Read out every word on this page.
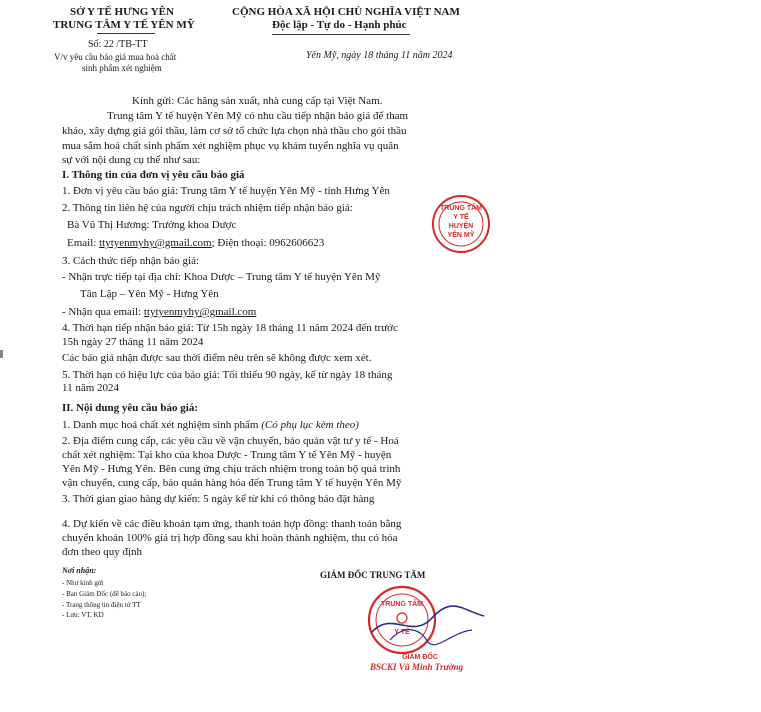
SỞ Y TẾ HƯNG YÊN
TRUNG TÂM Y TẾ YÊN MỸ
Số: 22 /TB-TT
V/v yêu cầu báo giá mua hoá chất
sinh phẩm xét nghiệm
CỘNG HÒA XÃ HỘI CHỦ NGHĨA VIỆT NAM
Độc lập - Tự do - Hạnh phúc
Yên Mỹ, ngày 18 tháng 11 năm 2024
Kính gửi: Các hãng sản xuất, nhà cung cấp tại Việt Nam.
Trung tâm Y tế huyện Yên Mỹ có nhu cầu tiếp nhận báo giá để tham
khảo, xây dựng giá gói thầu, làm cơ sở tổ chức lựa chọn nhà thầu cho gói thầu
mua sắm hoá chất sinh phẩm xét nghiệm phục vụ khám tuyển nghĩa vụ quân
sự với nội dung cụ thể như sau:
I. Thông tin của đơn vị yêu cầu báo giá
1. Đơn vị yêu cầu báo giá: Trung tâm Y tế huyện Yên Mỹ - tỉnh Hưng Yên
2. Thông tin liên hệ của người chịu trách nhiệm tiếp nhận báo giá:
Bà Vũ Thị Hương: Trưởng khoa Dược
Email: ttytyenmyhy@gmail.com; Điện thoại: 0962606623
3. Cách thức tiếp nhận báo giá:
- Nhận trực tiếp tại địa chỉ: Khoa Dược – Trung tâm Y tế huyện Yên Mỹ
Tân Lập – Yên Mỹ - Hưng Yên
- Nhận qua email: ttytyenmyhy@gmail.com
4. Thời hạn tiếp nhận báo giá: Từ 15h ngày 18 tháng 11 năm 2024 đến trước
15h ngày 27 tháng 11 năm 2024
Các báo giá nhận được sau thời điểm nêu trên sẽ không được xem xét.
5. Thời hạn có hiệu lực của báo giá: Tối thiểu 90 ngày, kể từ ngày 18 tháng
11 năm 2024
II. Nội dung yêu cầu báo giá:
1. Danh mục hoá chất xét nghiệm sinh phẩm (Có phụ lục kèm theo)
2. Địa điểm cung cấp, các yêu cầu về vận chuyển, bảo quản vật tư y tế - Hoá
chất xét nghiệm: Tại kho của khoa Dược - Trung tâm Y tế Yên Mỹ - huyện
Yên Mỹ - Hưng Yên. Bên cung ứng chịu trách nhiệm trong toàn bộ quá trình
vận chuyển, cung cấp, bảo quản hàng hóa đến Trung tâm Y tế huyện Yên Mỹ
3. Thời gian giao hàng dự kiến: 5 ngày kể từ khi có thông báo đặt hàng
4. Dự kiến về các điều khoản tạm ứng, thanh toán hợp đồng: thanh toán bằng
chuyển khoản 100% giá trị hợp đồng sau khi hoàn thành nghiệm, thu có hóa
đơn theo quy định
Nơi nhận:
- Như kính gửi
- Ban Giám Đốc (để báo cáo);
- Trang thông tin điện tử TT
- Lưu: VT, KD
GIÁM ĐỐC TRUNG TÂM
TRUNG TÂM
Y TẾ
HUYỆN
YÊN MỸ
TRUNG TÂM
Y TẾ
GIÁM ĐỐC
BSCKI Vũ Minh Trường
